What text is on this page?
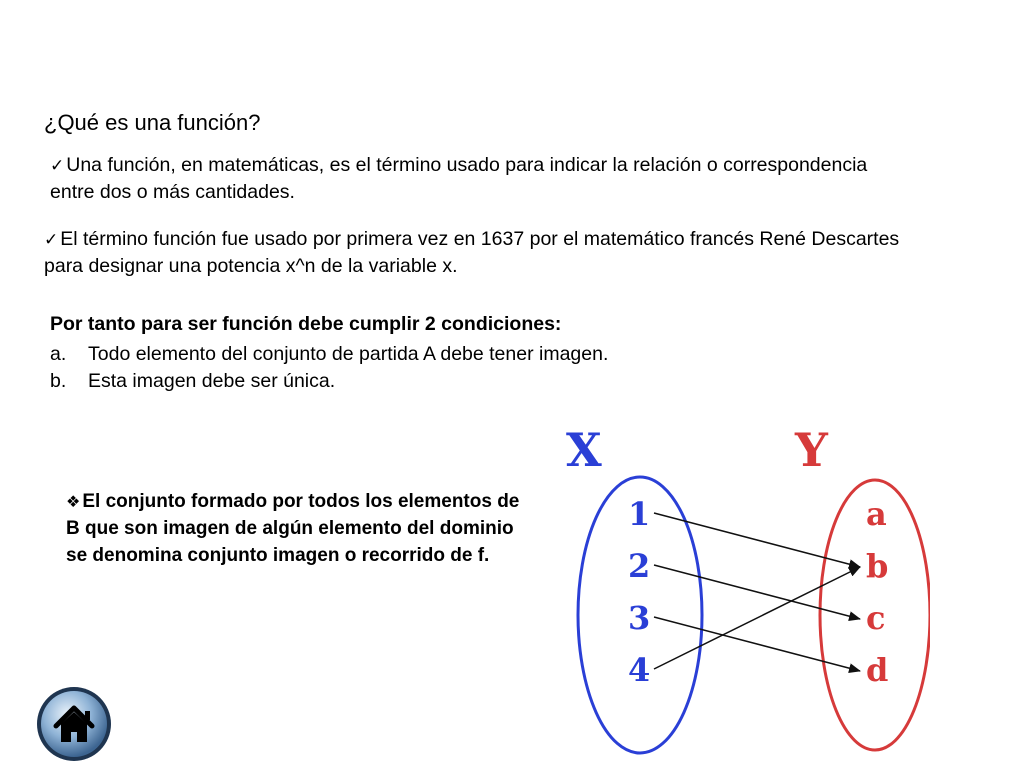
¿Qué es una función?

✓ Una función, en matemáticas, es el término usado para indicar la relación o correspondencia entre dos o más cantidades.

✓ El término función fue usado por primera vez en 1637 por el matemático francés René Descartes para designar una potencia x^n de la variable x.

Por tanto para ser función debe cumplir 2 condiciones:

a.	Todo elemento del conjunto de partida A debe tener imagen.
b.	Esta imagen debe ser única.

❖ El conjunto formado por todos los elementos de B que son imagen de algún elemento del dominio se denomina conjunto imagen o recorrido de f.

X	Y
1
2
3
4
a
b
c
d
